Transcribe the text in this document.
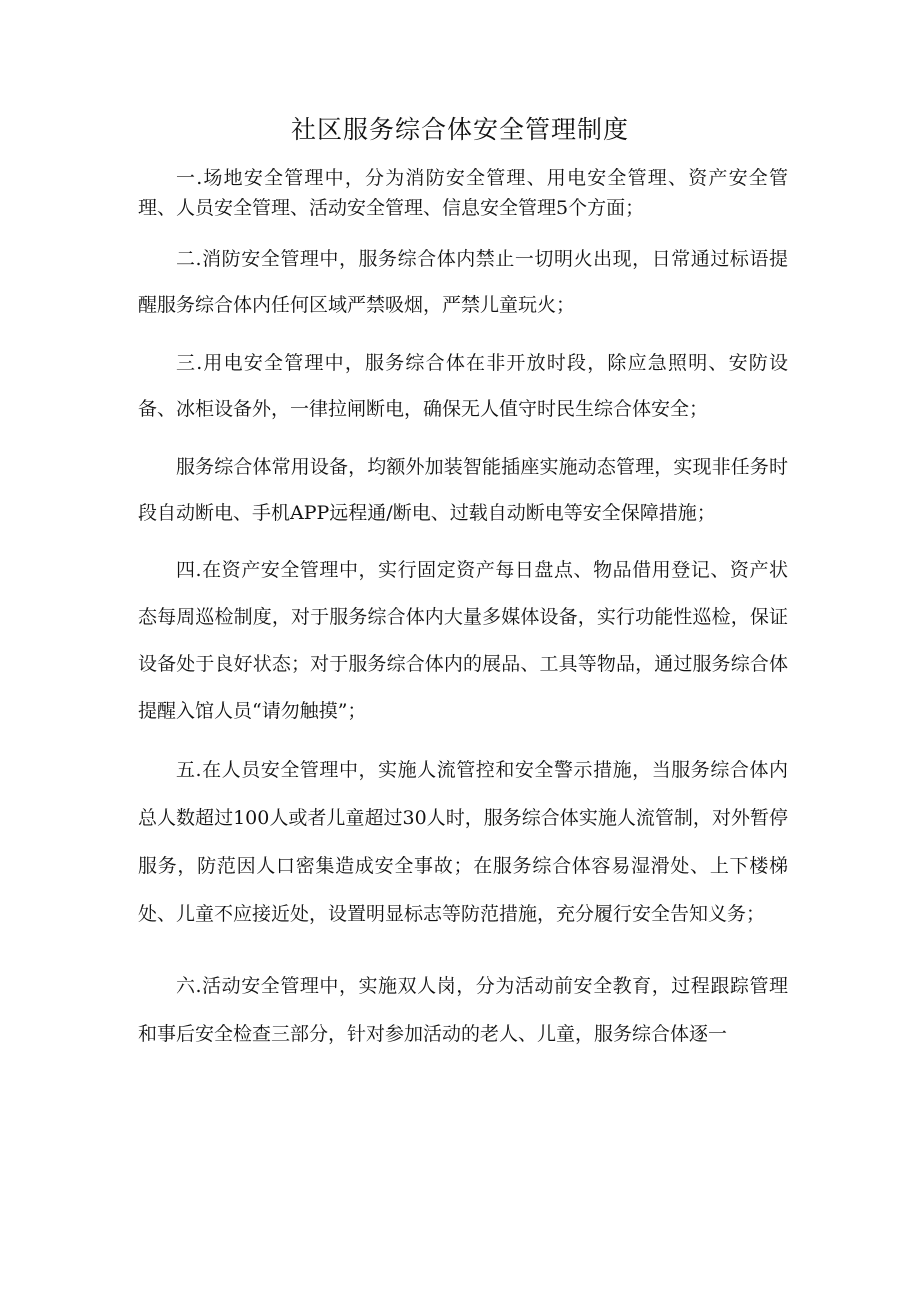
社区服务综合体安全管理制度

一.场地安全管理中，分为消防安全管理、用电安全管理、资产安全管理、人员安全管理、活动安全管理、信息安全管理5个方面；

二.消防安全管理中，服务综合体内禁止一切明火出现，日常通过标语提醒服务综合体内任何区域严禁吸烟，严禁儿童玩火；

三.用电安全管理中，服务综合体在非开放时段，除应急照明、安防设备、冰柜设备外，一律拉闸断电，确保无人值守时民生综合体安全；

服务综合体常用设备，均额外加装智能插座实施动态管理，实现非任务时段自动断电、手机APP远程通/断电、过载自动断电等安全保障措施；

四.在资产安全管理中，实行固定资产每日盘点、物品借用登记、资产状态每周巡检制度，对于服务综合体内大量多媒体设备，实行功能性巡检，保证设备处于良好状态；对于服务综合体内的展品、工具等物品，通过服务综合体提醒入馆人员“请勿触摸”；

五.在人员安全管理中，实施人流管控和安全警示措施，当服务综合体内总人数超过100人或者儿童超过30人时，服务综合体实施人流管制，对外暂停服务，防范因人口密集造成安全事故；在服务综合体容易湿滑处、上下楼梯处、儿童不应接近处，设置明显标志等防范措施，充分履行安全告知义务；

六.活动安全管理中，实施双人岗，分为活动前安全教育，过程跟踪管理和事后安全检查三部分，针对参加活动的老人、儿童，服务综合体逐一
